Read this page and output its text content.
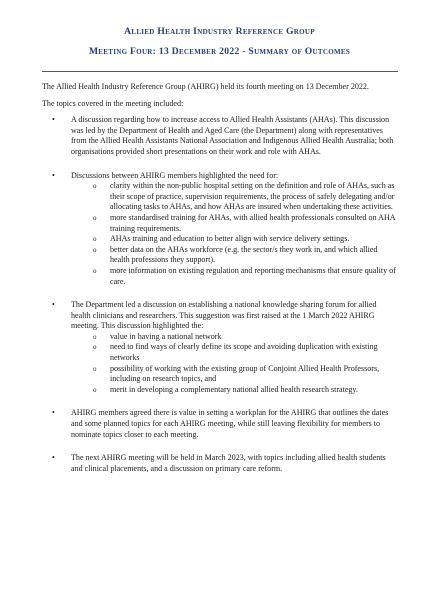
Allied Health Industry Reference Group
Meeting Four: 13 December 2022 - Summary of Outcomes

The Allied Health Industry Reference Group (AHIRG) held its fourth meeting on 13 December 2022.

The topics covered in the meeting included:

• A discussion regarding how to increase access to Allied Health Assistants (AHAs). This discussion was led by the Department of Health and Aged Care (the Department) along with representatives from the Allied Health Assistants National Association and Indigenous Allied Health Australia; both organisations provided short presentations on their work and role with AHAs.
• Discussions between AHIRG members highlighted the need for:
o clarity within the non-public hospital setting on the definition and role of AHAs, such as their scope of practice, supervision requirements, the process of safely delegating and/or allocating tasks to AHAs, and how AHAs are insured when undertaking these activities.
o more standardised training for AHAs, with allied health professionals consulted on AHA training requirements.
o AHAs training and education to better align with service delivery settings.
o better data on the AHAs workforce (e.g. the sector/s they work in, and which allied health professions they support).
o more information on existing regulation and reporting mechanisms that ensure quality of care.
• The Department led a discussion on establishing a national knowledge sharing forum for allied health clinicians and researchers. This suggestion was first raised at the 1 March 2022 AHIRG meeting. This discussion highlighted the:
o value in having a national network
o need to find ways of clearly define its scope and avoiding duplication with existing networks
o possibility of working with the existing group of Conjoint Allied Health Professors, including on research topics, and
o merit in developing a complementary national allied health research strategy.
• AHIRG members agreed there is value in setting a workplan for the AHIRG that outlines the dates and some planned topics for each AHIRG meeting, while still leaving flexibility for members to nominate topics closer to each meeting.
• The next AHIRG meeting will be held in March 2023, with topics including allied health students and clinical placements, and a discussion on primary care reform.
